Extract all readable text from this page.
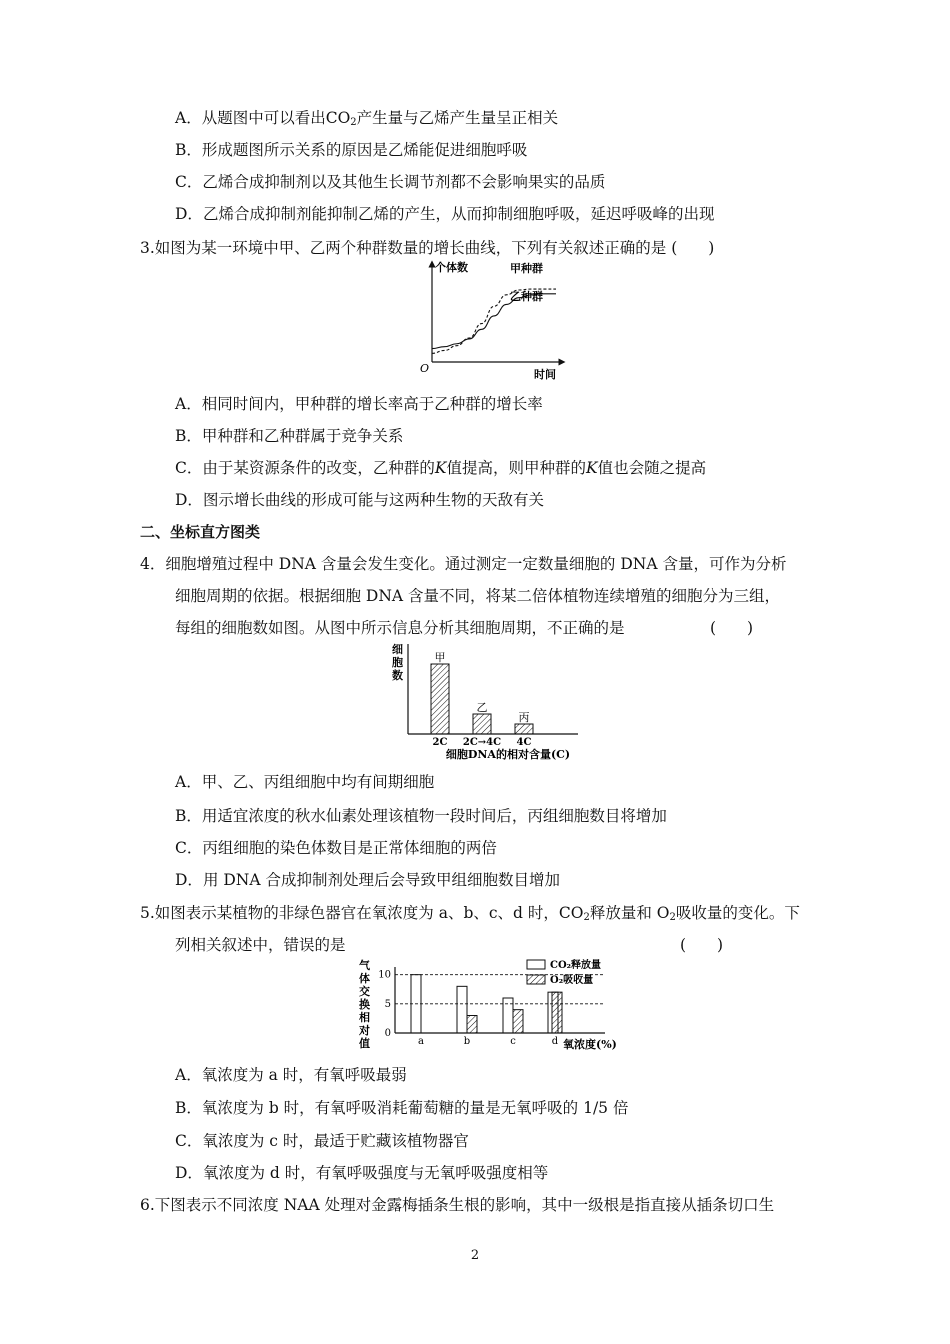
A．从题图中可以看出$CO_2$产生量与乙烯产生量呈正相关
B．形成题图所示关系的原因是乙烯能促进细胞呼吸
C．乙烯合成抑制剂以及其他生长调节剂都不会影响果实的品质
D．乙烯合成抑制剂能抑制乙烯的产生，从而抑制细胞呼吸，延迟呼吸峰的出现
3.如图为某一环境中甲、乙两个种群数量的增长曲线，下列有关叙述正确的是 (　　)
个体数
时间
O
甲种群
乙种群
A．相同时间内，甲种群的增长率高于乙种群的增长率
B．甲种群和乙种群属于竞争关系
C．由于某资源条件的改变，乙种群的K值提高，则甲种群的K值也会随之提高
D．图示增长曲线的形成可能与这两种生物的天敌有关
二、坐标直方图类
4．细胞增殖过程中 DNA 含量会发生变化。通过测定一定数量细胞的 DNA 含量，可作为分析
细胞周期的依据。根据细胞 DNA 含量不同，将某二倍体植物连续增殖的细胞分为三组，
每组的细胞数如图。从图中所示信息分析其细胞周期，不正确的是	(　　)
细
胞
数
甲
乙
丙
2C 2C→4C 4C
细胞DNA的相对含量(C)
A．甲、乙、丙组细胞中均有间期细胞
B．用适宜浓度的秋水仙素处理该植物一段时间后，丙组细胞数目将增加
C．丙组细胞的染色体数目是正常体细胞的两倍
D．用 DNA 合成抑制剂处理后会导致甲组细胞数目增加
5.如图表示某植物的非绿色器官在氧浓度为 a、b、c、d 时，$CO_2$释放量和 $O_2$吸收量的变化。下
列相关叙述中，错误的是	(　　)
气
体
交
换
相
对
值
10
5
0
a	b	c	d 氧浓度(%)
CO₂释放量
O₂吸收量
A．氧浓度为 a 时，有氧呼吸最弱
B．氧浓度为 b 时，有氧呼吸消耗葡萄糖的量是无氧呼吸的 1/5 倍
C．氧浓度为 c 时，最适于贮藏该植物器官
D．氧浓度为 d 时，有氧呼吸强度与无氧呼吸强度相等
6.下图表示不同浓度 NAA 处理对金露梅插条生根的影响，其中一级根是指直接从插条切口生
2
